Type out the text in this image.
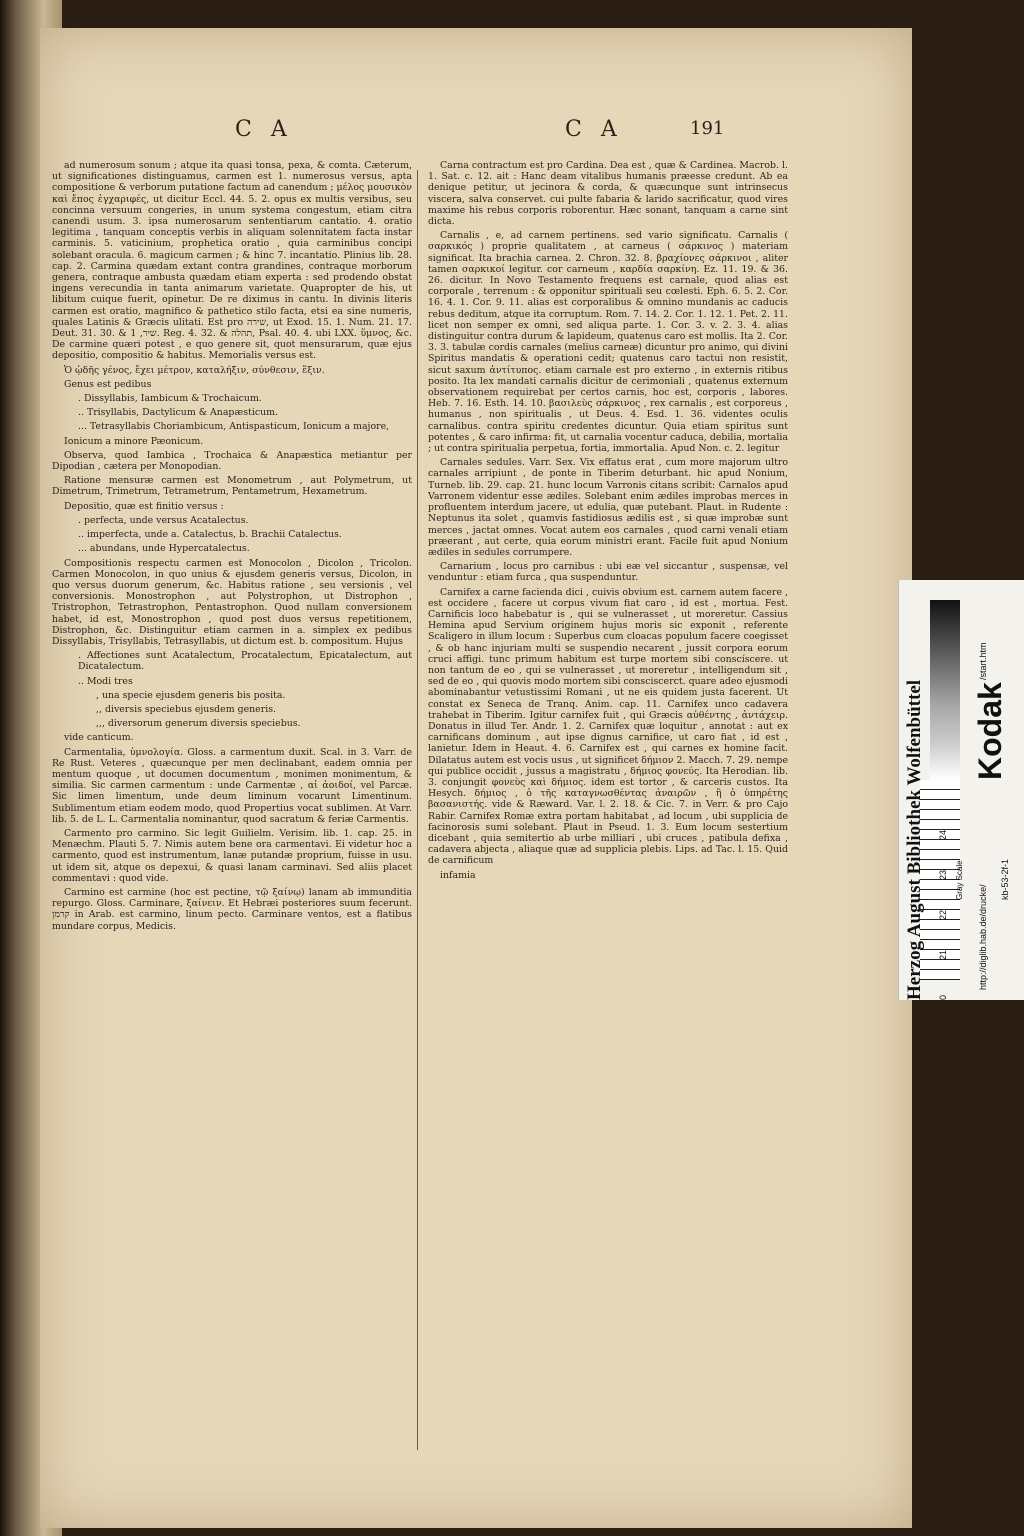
C A	C A	191

ad numerosum sonum ; atque ita quasi tonsa, pexa, & comta. Cæterum, ut significationes distinguamus, carmen est 1. numerosus versus, apta compositione & verborum putatione factum ad canendum ; μέλος μουσικὸν καὶ ἔπος ἐγχαριφές, ut dicitur Eccl. 44. 5. 2. opus ex multis versibus, seu concinna versuum congeries, in unum systema congestum, etiam citra canendi usum. 3. ipsa numerosarum sententiarum cantatio. 4. oratio legitima , tanquam conceptis verbis in aliquam solennitatem facta instar carminis. 5. vaticinium, prophetica oratio , quia carminibus concipi solebant oracula. 6. magicum carmen ; & hinc 7. incantatio. Plinius lib. 28. cap. 2. Carmina quædam extant contra grandines, contraque morborum genera, contraque ambusta quædam etiam experta : sed prodendo obstat ingens verecundia in tanta animarum varietate. Quapropter de his, ut libitum cuique fuerit, opinetur. De re diximus in cantu. In divinis literis carmen est oratio, magnifico & pathetico stilo facta, etsi ea sine numeris, quales Latinis & Græcis ulitati. Est pro שירה, ut Exod. 15. 1. Num. 21. 17. Deut. 31. 30. & שיר, 1. Reg. 4. 32. & תהלה, Psal. 40. 4. ubi LXX. ὕμνος, &c. De carmine quæri potest , e quo genere sit, quot mensurarum, quæ ejus depositio, compositio & habitus. Memorialis versus est.

Ὁ ᾠδῆς γένος, ἔχει μέτρον, καταλήξιν, σύνθεσιν, ἕξιν.

Genus est pedibus

. Dissyllabis, Iambicum & Trochaicum.

.. Trisyllabis, Dactylicum & Anapæsticum.

... Tetrasyllabis Choriambicum, Antispasticum, Ionicum a majore,

Ionicum a minore Pæonicum.

Observa, quod Iambica , Trochaica & Anapæstica metiantur per Dipodian , cætera per Monopodian.

Ratione mensuræ carmen est Monometrum , aut Polymetrum, ut Dimetrum, Trimetrum, Tetrametrum, Pentametrum, Hexametrum.

Depositio, quæ est finitio versus :

. perfecta, unde versus Acatalectus.

.. imperfecta, unde a. Catalectus, b. Brachii Catalectus.

... abundans, unde Hypercatalectus.

Compositionis respectu carmen est Monocolon , Dicolon , Tricolon. Carmen Monocolon, in quo unius & ejusdem generis versus, Dicolon, in quo versus duorum generum, &c. Habitus ratione , seu versionis , vel conversionis. Monostrophon , aut Polystrophon, ut Distrophon , Tristrophon, Tetrastrophon, Pentastrophon. Quod nullam conversionem habet, id est, Monostrophon , quod post duos versus repetitionem, Distrophon, &c. Distinguitur etiam carmen in a. simplex ex pedibus Dissyllabis, Trisyllabis, Tetrasyllabis, ut dictum est. b. compositum. Hujus

. Affectiones sunt Acatalectum, Procatalectum, Epicatalectum, aut Dicatalectum.

.. Modi tres

, una specie ejusdem generis bis posita.

,, diversis speciebus ejusdem generis.

,,, diversorum generum diversis speciebus.

vide canticum.

Carmentalia, ὑμνολογία. Gloss. a carmentum duxit. Scal. in 3. Varr. de Re Rust. Veteres , quæcunque per men declinabant, eadem omnia per mentum quoque , ut documen documentum , monimen monimentum, & similia. Sic carmen carmentum : unde Carmentæ , αἱ ἀοιδοί, vel Parcæ. Sic limen limentum, unde deum liminum vocarunt Limentinum. Sublimentum etiam eodem modo, quod Propertius vocat sublimen. At Varr. lib. 5. de L. L. Carmentalia nominantur, quod sacratum & feriæ Carmentis.

Carmento pro carmino. Sic legit Guilielm. Verisim. lib. 1. cap. 25. in Menæchm. Plauti 5. 7. Nimis autem bene ora carmentavi. Ei videtur hoc a carmento, quod est instrumentum, lanæ putandæ proprium, fuisse in usu. ut idem sit, atque os depexui, & quasi lanam carminavi. Sed aliis placet commentavi : quod vide.

Carmino est carmine (hoc est pectine, τῷ ξαίνῳ) lanam ab immunditia repurgo. Gloss. Carminare, ξαίνειν. Et Hebræi posteriores suum fecerunt. קרמן in Arab. est carmino, linum pecto. Carminare ventos, est a flatibus mundare corpus, Medicis.

Carna contractum est pro Cardina. Dea est , quæ & Cardinea. Macrob. l. 1. Sat. c. 12. ait : Hanc deam vitalibus humanis præesse credunt. Ab ea denique petitur, ut jecinora & corda, & quæcunque sunt intrinsecus viscera, salva conservet. cui pulte fabaria & larido sacrificatur, quod vires maxime his rebus corporis roborentur. Hæc sonant, tanquam a carne sint dicta.

Carnalis , e, ad carnem pertinens. sed vario significatu. Carnalis ( σαρκικός ) proprie qualitatem , at carneus ( σάρκινος ) materiam significat. Ita brachia carnea. 2. Chron. 32. 8. βραχίονες σάρκινοι , aliter tamen σαρκικοί legitur. cor carneum , καρδία σαρκίνη. Ez. 11. 19. & 36. 26. dicitur. In Novo Testamento frequens est carnale, quod alias est corporale , terrenum : & opponitur spirituali seu cœlesti. Eph. 6. 5. 2. Cor. 16. 4. 1. Cor. 9. 11. alias est corporalibus & omnino mundanis ac caducis rebus deditum, atque ita corruptum. Rom. 7. 14. 2. Cor. 1. 12. 1. Pet. 2. 11. licet non semper ex omni, sed aliqua parte. 1. Cor. 3. v. 2. 3. 4. alias distinguitur contra durum & lapideum, quatenus caro est mollis. Ita 2. Cor. 3. 3. tabulæ cordis carnales (melius carneæ) dicuntur pro animo, qui divini Spiritus mandatis & operationi cedit; quatenus caro tactui non resistit, sicut saxum ἀντίτυπος. etiam carnale est pro externo , in externis ritibus posito. Ita lex mandati carnalis dicitur de cerimoniali , quatenus externum observationem requirebat per certos carnis, hoc est, corporis , labores. Heb. 7. 16. Esth. 14. 10. βασιλεὺς σάρκινος , rex carnalis , est corporeus , humanus , non spiritualis , ut Deus. 4. Esd. 1. 36. videntes oculis carnalibus. contra spiritu credentes dicuntur. Quia etiam spiritus sunt potentes , & caro infirma: fit, ut carnalia vocentur caduca, debilia, mortalia ; ut contra spiritualia perpetua, fortia, immortalia. Apud Non. c. 2. legitur

Carnales sedules. Varr. Sex. Vix effatus erat , cum more majorum ultro carnales arripiunt , de ponte in Tiberim deturbant. hic apud Nonium, Turneb. lib. 29. cap. 21. hunc locum Varronis citans scribit: Carnalos apud Varronem videntur esse ædiles. Solebant enim ædiles improbas merces in profluentem interdum jacere, ut edulia, quæ putebant. Plaut. in Rudente : Neptunus ita solet , quamvis fastidiosus ædilis est , si quæ improbæ sunt merces , jactat omnes. Vocat autem eos carnales , quod carni venali etiam præerant , aut certe, quia eorum ministri erant. Facile fuit apud Nonium ædiles in sedules corrumpere.

Carnarium , locus pro carnibus : ubi eæ vel siccantur , suspensæ, vel venduntur : etiam furca , qua suspenduntur.

Carnifex a carne facienda dici , cuivis obvium est. carnem autem facere , est occidere , facere ut corpus vivum fiat caro , id est , mortua. Fest. Carnificis loco habebatur is , qui se vulnerasset , ut moreretur. Cassius Hemina apud Servium originem hujus moris sic exponit , referente Scaligero in illum locum : Superbus cum cloacas populum facere coegisset , & ob hanc injuriam multi se suspendio necarent , jussit corpora eorum cruci affigi. tunc primum habitum est turpe mortem sibi conscíscere. ut non tantum de eo , qui se vulnerasset , ut moreretur , intelligendum sit , sed de eo , qui quovis modo mortem sibi consciscerct. quare adeo ejusmodi abominabantur vetustissimi Romani , ut ne eis quidem justa facerent. Ut constat ex Seneca de Tranq. Anim. cap. 11. Carnifex unco cadavera trahebat in Tiberim. Igitur carnifex fuit , qui Græcis αὐθέντης , ἀντάχειρ. Donatus in illud Ter. Andr. 1. 2. Carnifex quæ loquitur , annotat : aut ex carnificans dominum , aut ipse dignus carnifice, ut caro fiat , id est , lanietur. Idem in Heaut. 4. 6. Carnifex est , qui carnes ex homine facit. Dilatatus autem est vocis usus , ut significet δήμιον 2. Macch. 7. 29. nempe qui publice occidit , jussus a magistratu , δήμιος φονεύς. Ita Herodian. lib. 3. conjungit φονεὺς καὶ δήμιος. idem est tortor , & carceris custos. Ita Hesych. δήμιος , ὁ τῆς καταγνωσθέντας ἀναιρῶν , ἢ ὁ ὑπηρέτης βασανιστής. vide & Ræward. Var. l. 2. 18. & Cic. 7. in Verr. & pro Cajo Rabir. Carnifex Romæ extra portam habitabat , ad locum , ubi supplicia de facinorosis sumi solebant. Plaut in Pseud. 1. 3. Eum locum sestertium dicebant , quia semitertio ab urbe milliari , ubi cruces , patibula defixa , cadavera abjecta , aliaque quæ ad supplicia plebis. Lips. ad Tac. l. 15. Quid de carnificum

infamia	Herzog August Bibliothek Wolfenbüttel Kodak
http://diglib.hab.de/drucke/
/start.htm
Gray Scale	kb-53-2f-1
0
21
22
23
24
